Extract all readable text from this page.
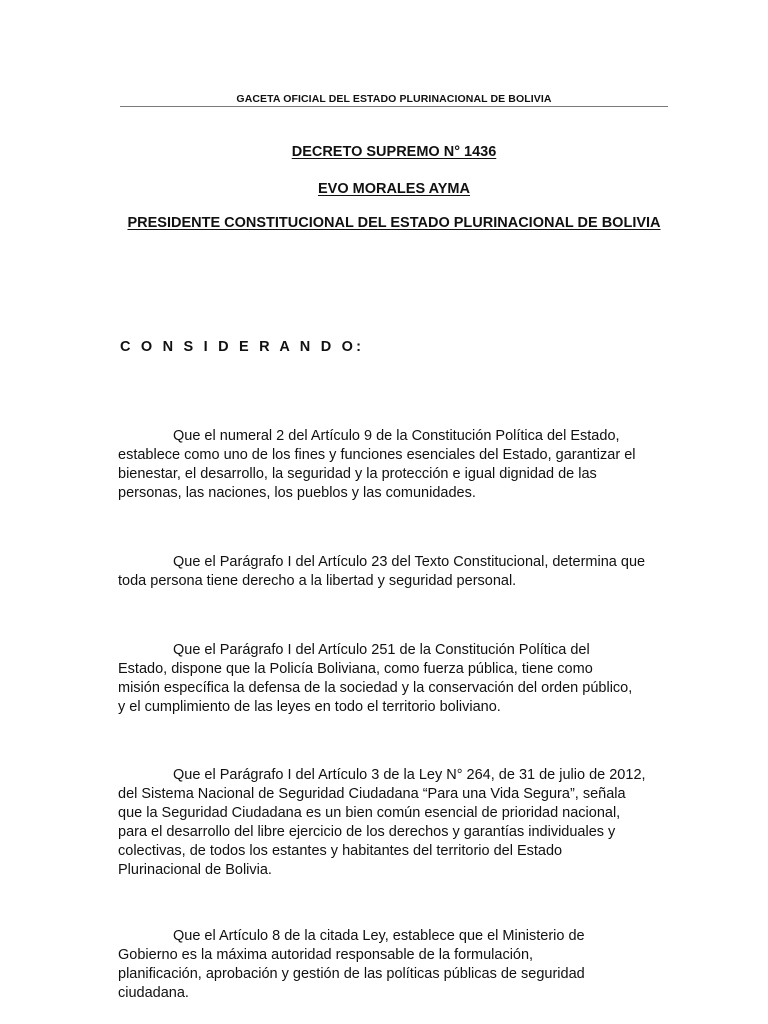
GACETA OFICIAL DEL ESTADO PLURINACIONAL DE BOLIVIA
DECRETO SUPREMO N° 1436
EVO MORALES AYMA
PRESIDENTE CONSTITUCIONAL DEL ESTADO PLURINACIONAL DE BOLIVIA
C O N S I D E R A N D O:

Que el numeral 2 del Artículo 9 de la Constitución Política del Estado, establece como uno de los fines y funciones esenciales del Estado, garantizar el bienestar, el desarrollo, la seguridad y la protección e igual dignidad de las personas, las naciones, los pueblos y las comunidades.

Que el Parágrafo I del Artículo 23 del Texto Constitucional, determina que toda persona tiene derecho a la libertad y seguridad personal.

Que el Parágrafo I del Artículo 251 de la Constitución Política del Estado, dispone que la Policía Boliviana, como fuerza pública, tiene como misión específica la defensa de la sociedad y la conservación del orden público, y el cumplimiento de las leyes en todo el territorio boliviano.

Que el Parágrafo I del Artículo 3 de la Ley N° 264, de 31 de julio de 2012, del Sistema Nacional de Seguridad Ciudadana “Para una Vida Segura”, señala que la Seguridad Ciudadana es un bien común esencial de prioridad nacional, para el desarrollo del libre ejercicio de los derechos y garantías individuales y colectivas, de todos los estantes y habitantes del territorio del Estado Plurinacional de Bolivia.

Que el Artículo 8 de la citada Ley, establece que el Ministerio de Gobierno es la máxima autoridad responsable de la formulación, planificación, aprobación y gestión de las políticas públicas de seguridad ciudadana.
